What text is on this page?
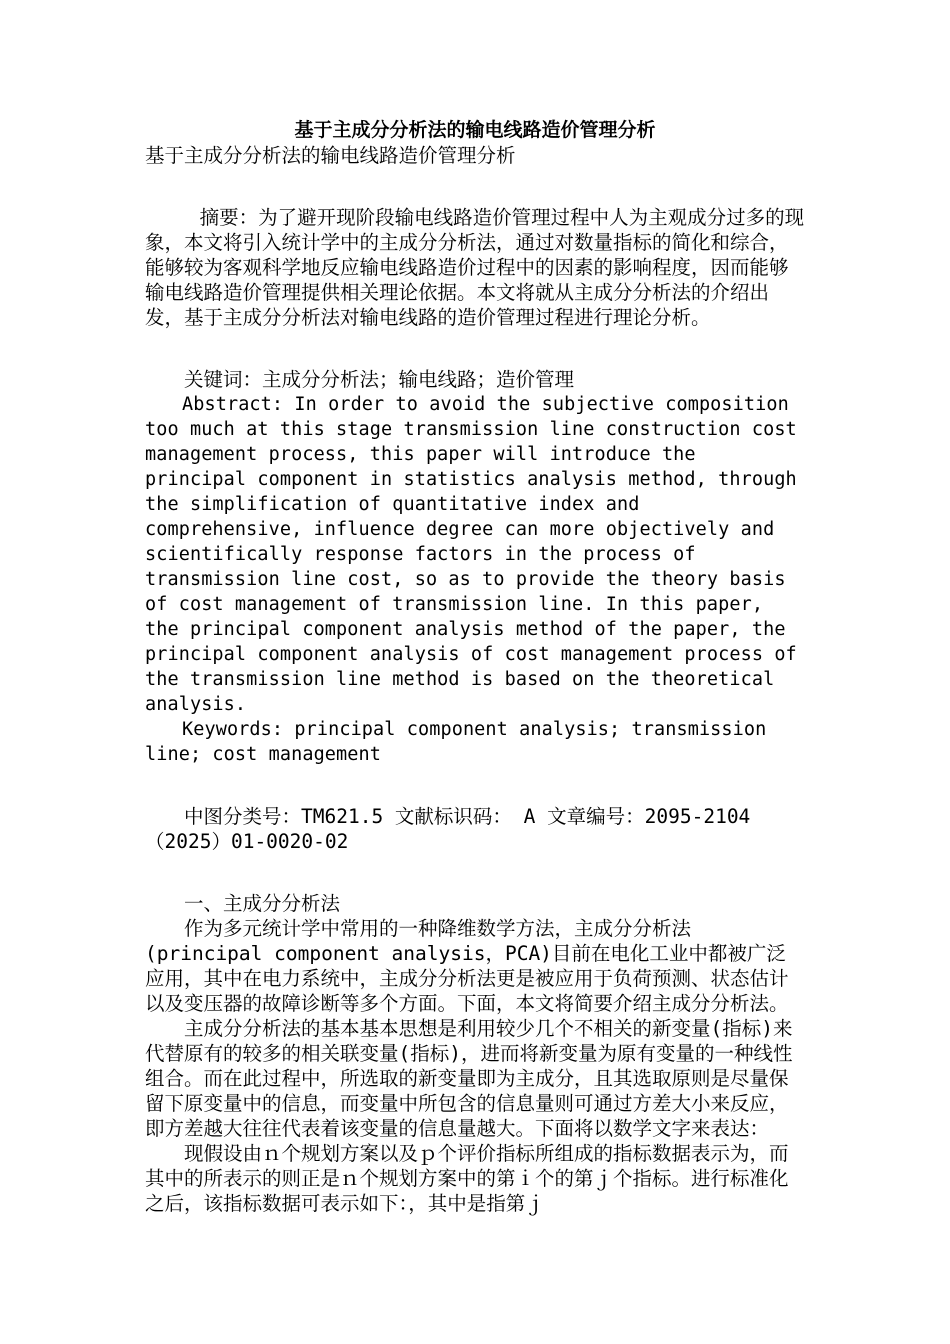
基于主成分分析法的输电线路造价管理分析

基于主成分分析法的输电线路造价管理分析

摘要：为了避开现阶段输电线路造价管理过程中人为主观成分过多的现象，本文将引入统计学中的主成分分析法，通过对数量指标的简化和综合，能够较为客观科学地反应输电线路造价过程中的因素的影响程度，因而能够输电线路造价管理提供相关理论依据。本文将就从主成分分析法的介绍出发，基于主成分分析法对输电线路的造价管理过程进行理论分析。

关键词：主成分分析法；输电线路；造价管理

Abstract: In order to avoid the subjective composition too much at this stage transmission line construction cost management process, this paper will introduce the principal component in statistics analysis method, through the simplification of quantitative index and comprehensive, influence degree can more objectively and scientifically response factors in the process of transmission line cost, so as to provide the theory basis of cost management of transmission line. In this paper, the principal component analysis method of the paper, the principal component analysis of cost management process of the transmission line method is based on the theoretical analysis.

Keywords: principal component analysis; transmission line; cost management

中图分类号：TM621.5 文献标识码： A 文章编号：2095-2104（2025）01-0020-02

一、主成分分析法

作为多元统计学中常用的一种降维数学方法，主成分分析法(principal component analysis，PCA)目前在电化工业中都被广泛应用，其中在电力系统中，主成分分析法更是被应用于负荷预测、状态估计以及变压器的故障诊断等多个方面。下面，本文将简要介绍主成分分析法。

主成分分析法的基本基本思想是利用较少几个不相关的新变量(指标)来代替原有的较多的相关联变量(指标)，进而将新变量为原有变量的一种线性组合。而在此过程中，所选取的新变量即为主成分，且其选取原则是尽量保留下原变量中的信息，而变量中所包含的信息量则可通过方差大小来反应，即方差越大往往代表着该变量的信息量越大。下面将以数学文字来表达：

现假设由ｎ个规划方案以及ｐ个评价指标所组成的指标数据表示为，而其中的所表示的则正是ｎ个规划方案中的第ｉ个的第ｊ个指标。进行标准化之后，该指标数据可表示如下：，其中是指第ｊ
